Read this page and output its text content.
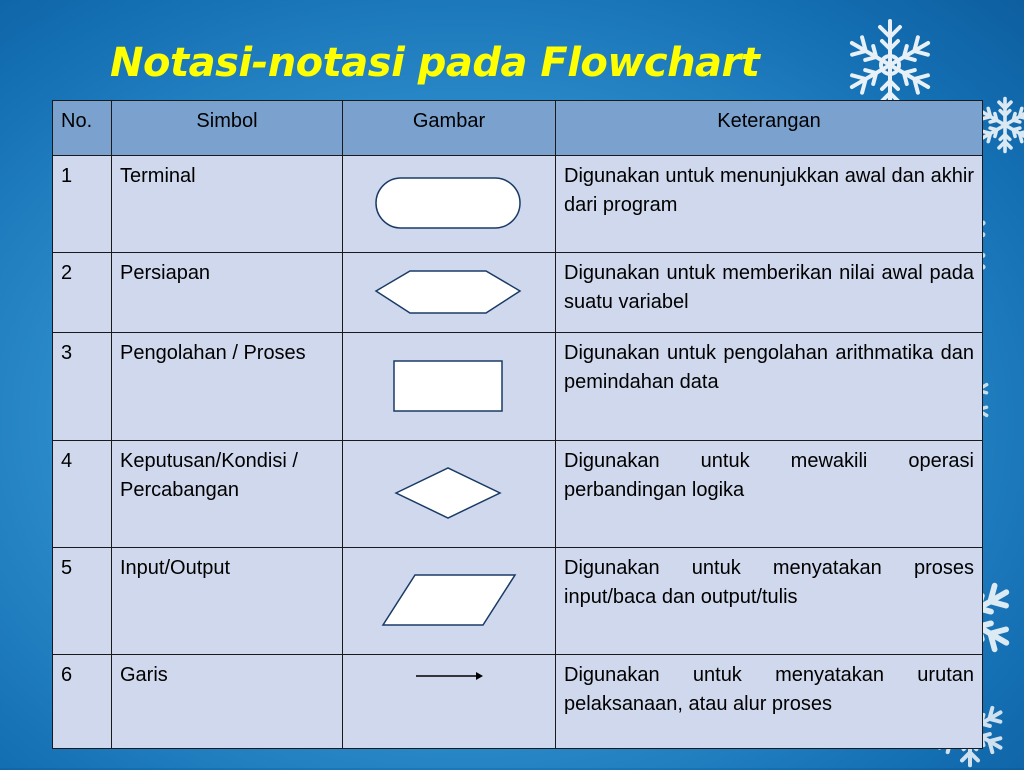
Notasi-notasi pada Flowchart
No.	Simbol	Gambar	Keterangan
1	Terminal		Digunakan untuk menunjukkan awal dan akhir dari program
2	Persiapan		Digunakan untuk memberikan nilai awal pada suatu variabel
3	Pengolahan / Proses		Digunakan untuk pengolahan arithmatika dan pemindahan data
4	Keputusan/Kondisi / Percabangan		Digunakan untuk mewakili operasi perbandingan logika
5	Input/Output		Digunakan untuk menyatakan proses input/baca dan output/tulis
6	Garis		Digunakan untuk menyatakan urutan pelaksanaan, atau alur proses
